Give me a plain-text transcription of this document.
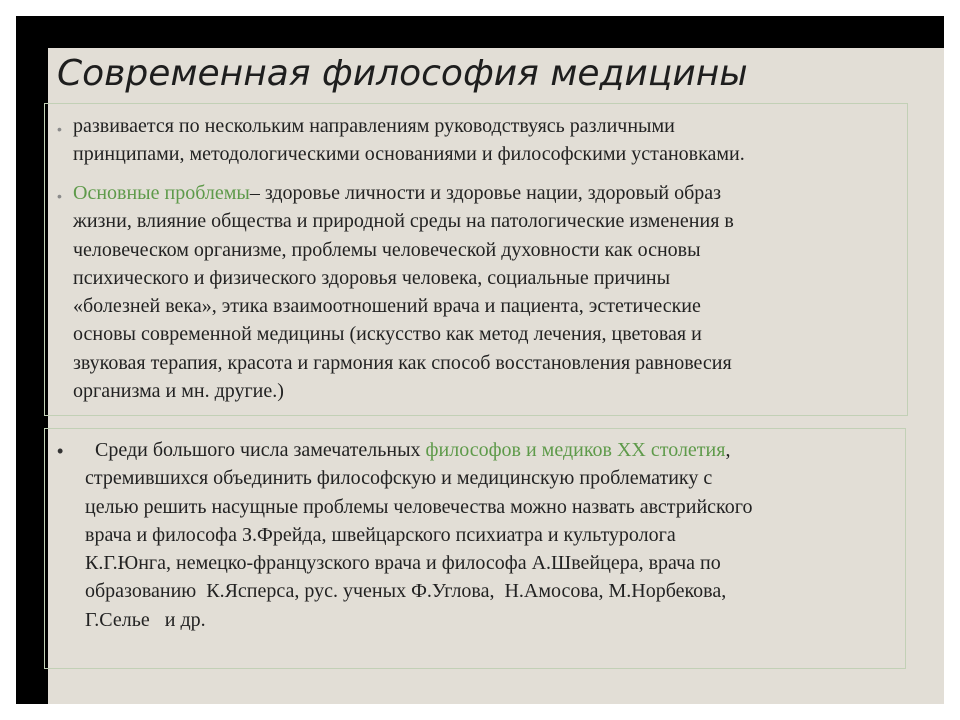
Современная философия медицины
• развивается по нескольким направлениям руководствуясь различными
принципами, методологическими основаниями и философскими установками.
• Основные проблемы– здоровье личности и здоровье нации, здоровый образ
жизни, влияние общества и природной среды на патологические изменения в
человеческом организме, проблемы человеческой духовности как основы
психического и физического здоровья человека, социальные причины
«болезней века», этика взаимоотношений врача и пациента, эстетические
основы современной медицины (искусство как метод лечения, цветовая и
звуковая терапия, красота и гармония как способ восстановления равновесия
организма и мн. другие.)
• Среди большого числа замечательных философов и медиков XX столетия,
стремившихся объединить философскую и медицинскую проблематику с
целью решить насущные проблемы человечества можно назвать австрийского
врача и философа З.Фрейда, швейцарского психиатра и культуролога
К.Г.Юнга, немецко-французского врача и философа А.Швейцера, врача по
образованию  К.Ясперса, рус. ученых Ф.Углова,  Н.Амосова, М.Норбекова,
Г.Селье   и др.
